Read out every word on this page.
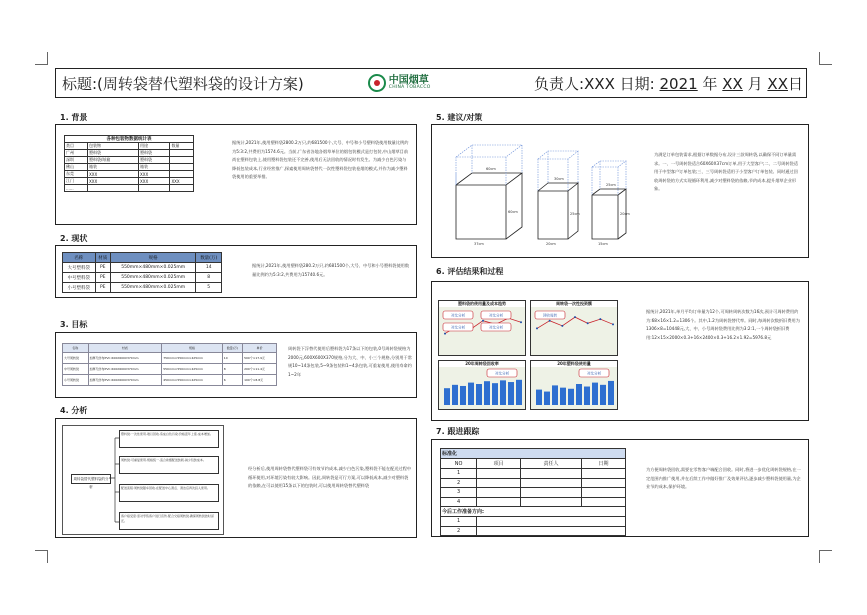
标题:(周转袋替代塑料袋的设计方案)	中国烟草
CHINA TOBACCO	负责人:XXX 日期: 2021 年 XX 月 XX日
1. 背景
各种包装物数据统计表			
类目	包装物	用途	数量
广州	塑料袋	塑料袋	
深圳	塑料袋/纸箱	塑料袋	
佛山	箱装	箱装	
东莞	XXX	XXX	
江门	XXX	XXX	XXX
......			
据统计,2021年,使用塑料袋2800.2万只,约681500个,大号、中号和小号塑料袋使用数量比例约为5:3:2,共费用为1574.6元。当前,广东省各地各烟草单位的烟包装模式是打包装,中山烟草目前尚在塑料包装上,使用塑料袋包装还不完善,使用后无法回收的情况时有发生。为减少白色污染与降低包装成本,行业经营推广,探索使用周转袋替代一次性塑料袋包装卷烟的模式,并作为减少塑料袋使用的重要举措。
2. 现状
名称	材质	规格	数量(万)
大号塑料袋	PE	550mm×480mm×0.025mm	14
中号塑料袋	PE	550mm×480mm×0.025mm	8
小号塑料袋	PE	550mm×480mm×0.025mm	5
据统计,2021年,使用塑料袋280.2万只,约681500个,大号、中号和小号塑料袋使用数量比例约为5:3:2,共费用为15740.6元。
3. 目标
名称	材质	规格	数量(万)	单价
大号周转袋	加厚无纺布PVC 600X600X370mm	750mm×550mm×425mm	10	500个×17.9元
中号周转袋	加厚无纺布PVC 600X600X370mm	550mm×550mm×425mm	8	200个×11.4元
小号周转袋	加厚无纺布PVC 600X600X370mm	450mm×550mm×425mm	6	100个×8.8元
周转袋下浮替代使用后塑料袋为17条以下的包装,0号周转袋规格为2000元,600X600X370规格,分为大、中、小三个规格,分别用于常规10~14条包装,5~9条包装和1~4条包装,可重复使用,使用寿命约1~2年
4. 分析
周转袋替代塑料袋的分析
塑料袋:一次性使用,难以回收,造成白色污染;价格逐年上涨,成本增加。
周转袋:可重复使用,规格统一,适合卷烟配送装载,减少包装成本。
配送流程:周转袋随车回收,在配送中心清点、清洁后再次投入使用。
客户接受度:需对零售客户进行宣传,配合交接周转袋,确保周转袋按时返还。
经分析后,使用周转袋替代塑料袋可有效节约成本,减少白色污染,塑料袋不能在配送过程中循环使用,对环境污染有较大影响。因此,周转袋是可行方案,可以降低成本,减少对塑料袋的依赖,在可以使用15条以下的包装时,可以使用周转袋替代塑料袋
5. 建议/对策
60cm
60cm
37cm
30cm
25cm
20cm
25cm
20cm
15cm
为满足订单包装需求,根据订单数据分布,设计三款周转袋,以确保不同订单量需求。一、一号周转袋适合60X60X37cm订单,用于大型客户;二、二号周转袋适用于中型客户订单包装;三、三号周转袋适用于小型客户订单包装。同时通过回收周转袋的方式实现循环利用,减少对塑料袋的依赖,节约成本,提升烟草企业形象。
6. 评估结果和过程
塑料袋的使用量及成本趋势
对比分析	对比分析
对比分析	对比分析
周转袋一次性投资额
回收周转
20年周转袋回收率
对比分析
20年塑料袋使用量
对比分析
据统计,2021年,单月平均订单量为12个,可周转周转次数为16次,预计可周转费用约为:68×16×1.2=1306个。其中,1.2为周转袋替代率。同时,每周转次数折旧费用为1306×8=10448元,大、中、小号周转袋费用比例为3:2:1,一个周转袋折旧费用:12×15×2000×0.3+16×2400×0.3+16.2×1.92=5976.8元
7. 跟进跟踪
标准化			
NO	项目	责任人	日期
1			
2			
3			
4			
今后工作准备方向:			
1			
2			
为方便周转袋回收,需要在零售客户端配合回收。同时,将进一步优化周转袋规格,在一定范围内推广使用,并在后续工作中做好推广及效果评估,逐步减少塑料袋使用量,为企业节约成本,保护环境。
